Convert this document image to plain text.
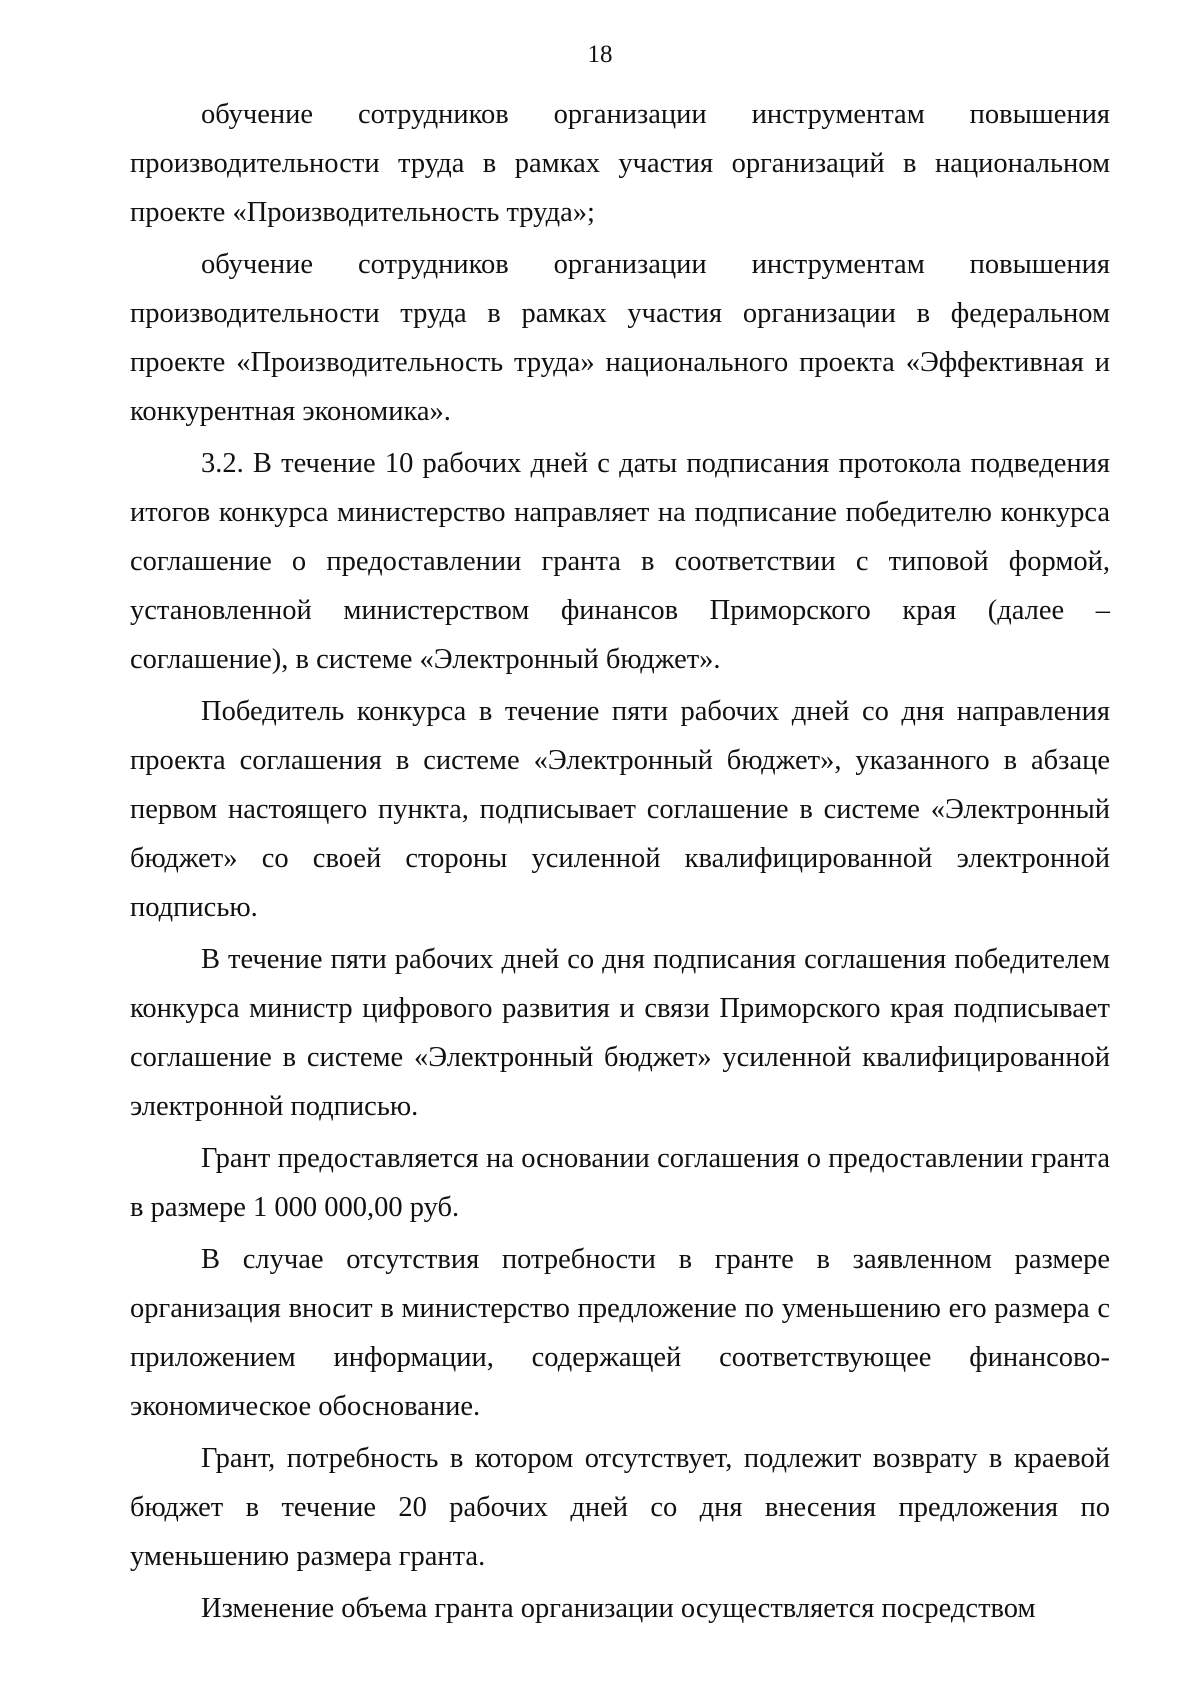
18

обучение сотрудников организации инструментам повышения производительности труда в рамках участия организаций в национальном проекте «Производительность труда»;

обучение сотрудников организации инструментам повышения производительности труда в рамках участия организации в федеральном проекте «Производительность труда» национального проекта «Эффективная и конкурентная экономика».

3.2. В течение 10 рабочих дней с даты подписания протокола подведения итогов конкурса министерство направляет на подписание победителю конкурса соглашение о предоставлении гранта в соответствии с типовой формой, установленной министерством финансов Приморского края (далее – соглашение), в системе «Электронный бюджет».

Победитель конкурса в течение пяти рабочих дней со дня направления проекта соглашения в системе «Электронный бюджет», указанного в абзаце первом настоящего пункта, подписывает соглашение в системе «Электронный бюджет» со своей стороны усиленной квалифицированной электронной подписью.

В течение пяти рабочих дней со дня подписания соглашения победителем конкурса министр цифрового развития и связи Приморского края подписывает соглашение в системе «Электронный бюджет» усиленной квалифицированной электронной подписью.

Грант предоставляется на основании соглашения о предоставлении гранта в размере 1 000 000,00 руб.

В случае отсутствия потребности в гранте в заявленном размере организация вносит в министерство предложение по уменьшению его размера с приложением информации, содержащей соответствующее финансово-экономическое обоснование.

Грант, потребность в котором отсутствует, подлежит возврату в краевой бюджет в течение 20 рабочих дней со дня внесения предложения по уменьшению размера гранта.

Изменение объема гранта организации осуществляется посредством
